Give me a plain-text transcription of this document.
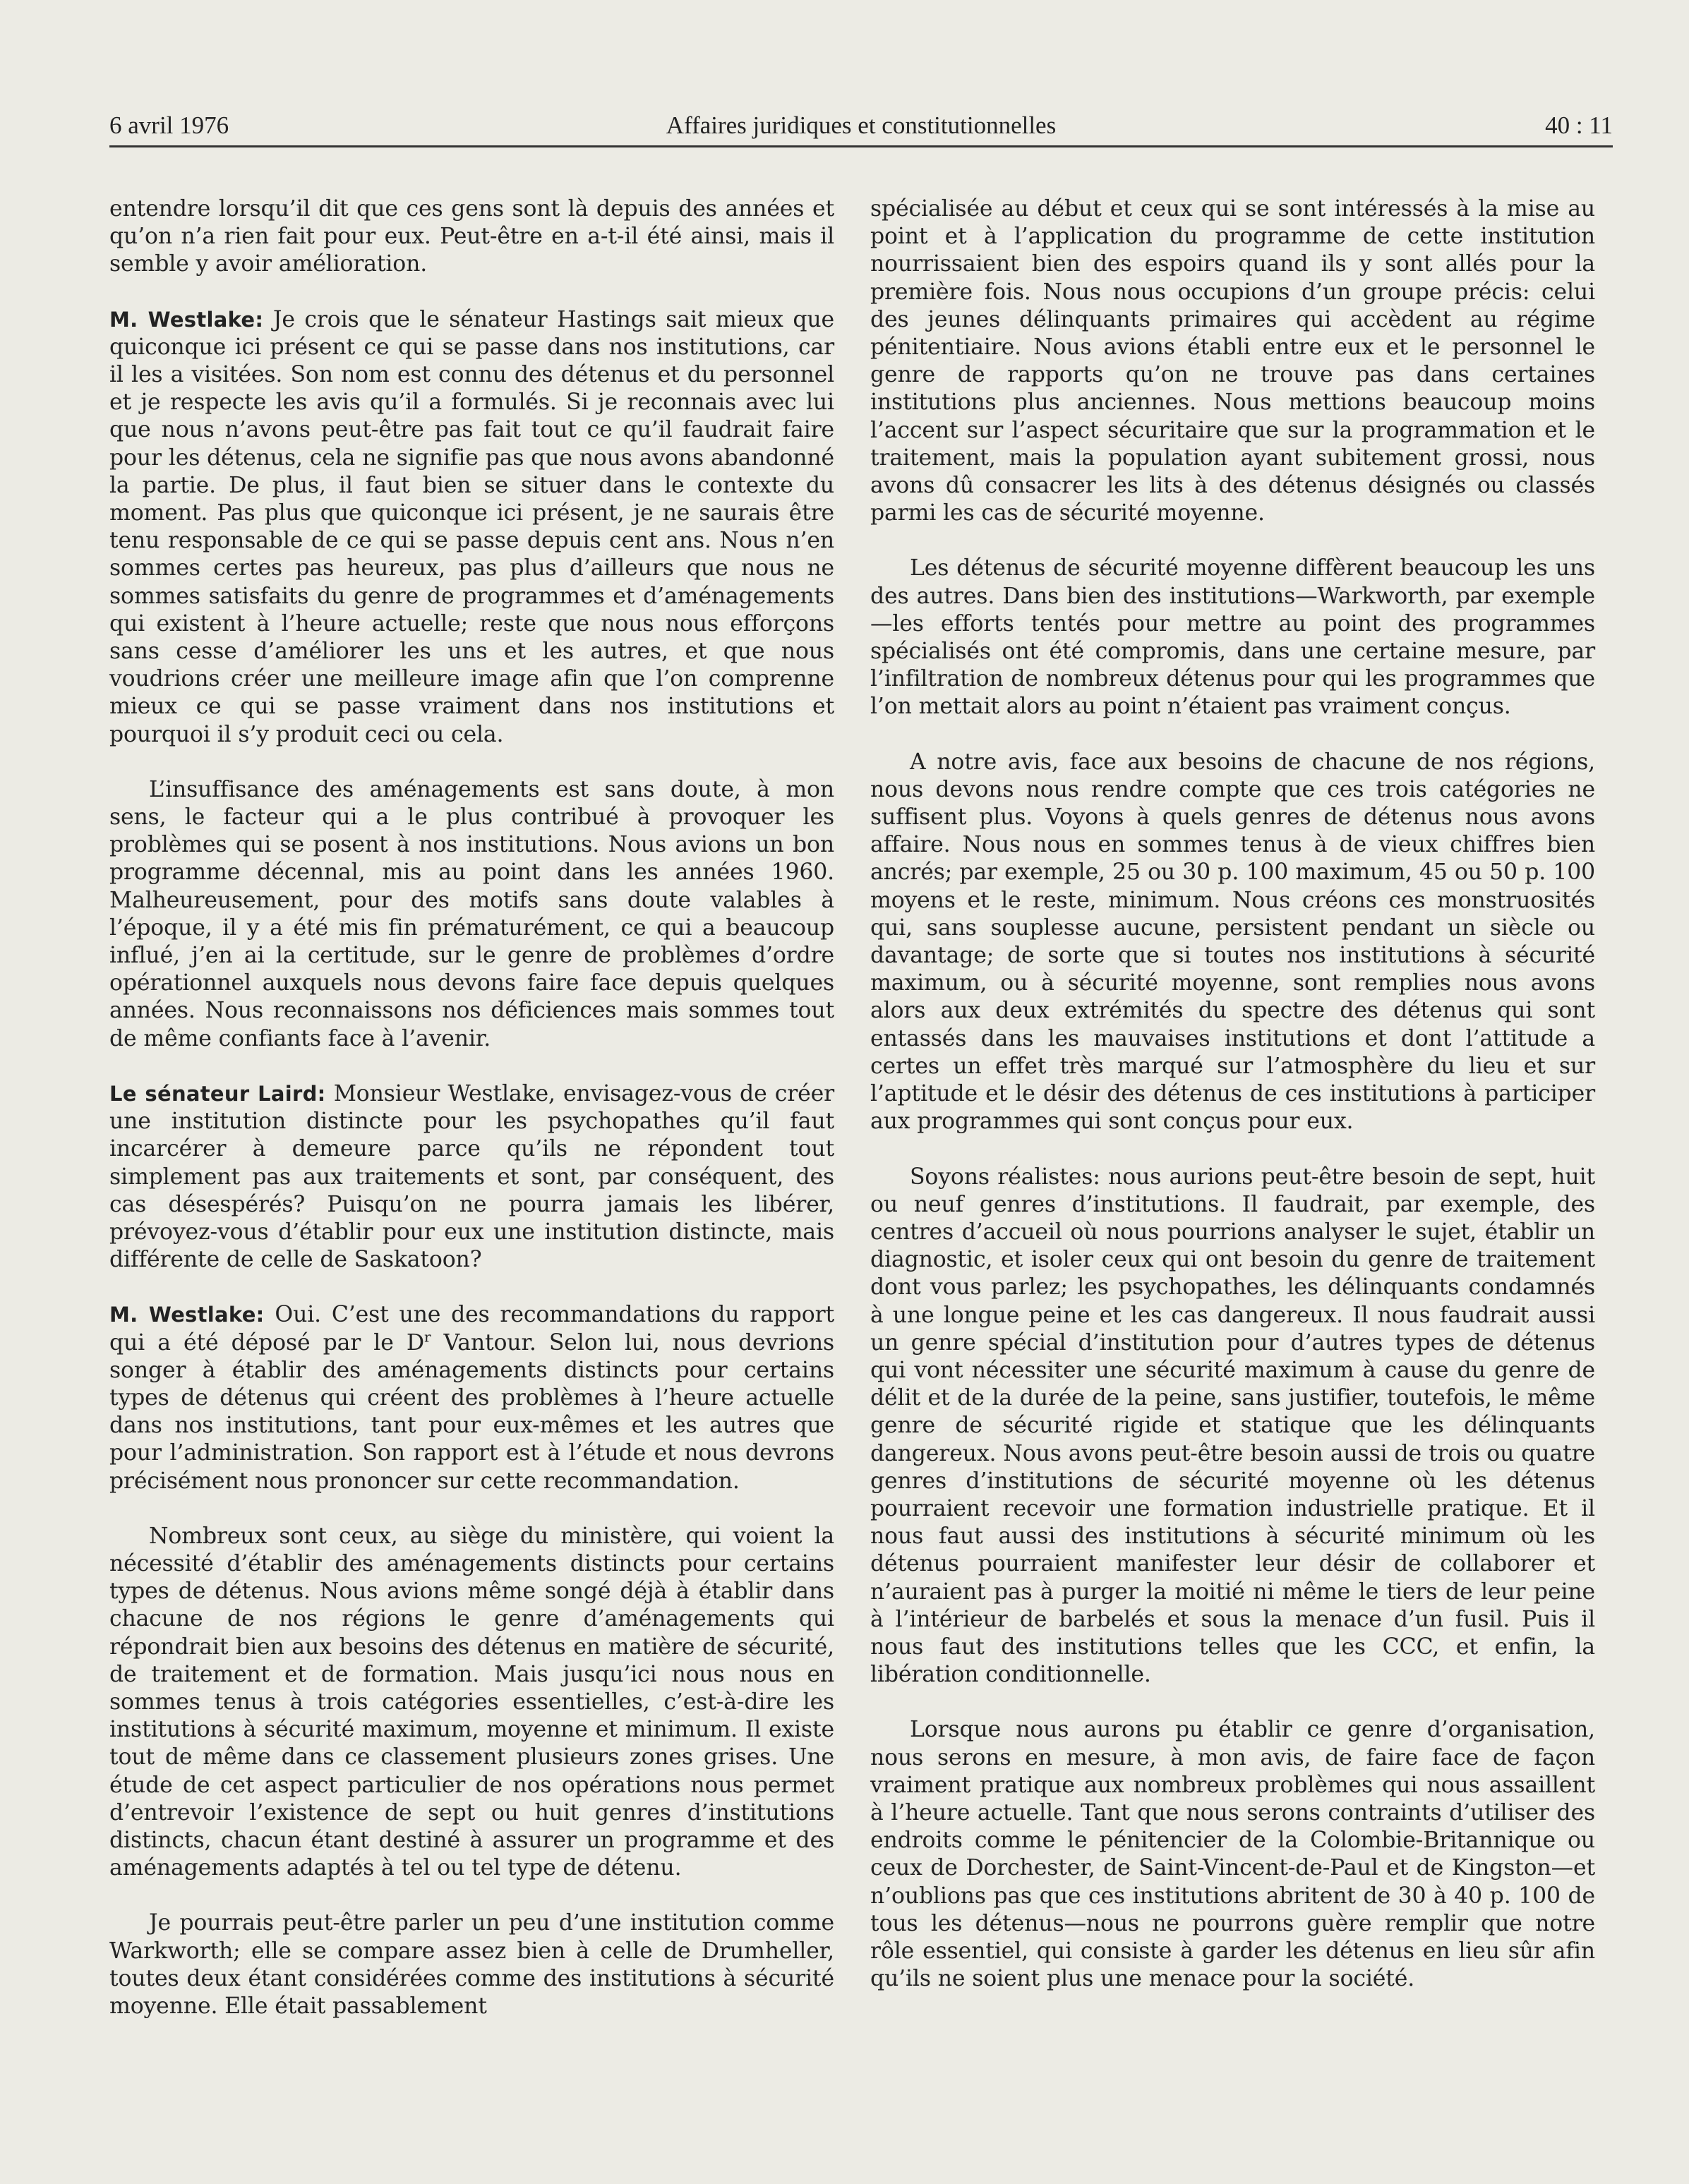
6 avril 1976	Affaires juridiques et constitutionnelles	40 : 11

entendre lorsqu’il dit que ces gens sont là depuis des années et qu’on n’a rien fait pour eux. Peut-être en a-t-il été ainsi, mais il semble y avoir amélioration.

M. Westlake: Je crois que le sénateur Hastings sait mieux que quiconque ici présent ce qui se passe dans nos institutions, car il les a visitées. Son nom est connu des détenus et du personnel et je respecte les avis qu’il a formulés. Si je reconnais avec lui que nous n’avons peut-être pas fait tout ce qu’il faudrait faire pour les détenus, cela ne signifie pas que nous avons abandonné la partie. De plus, il faut bien se situer dans le contexte du moment. Pas plus que quiconque ici présent, je ne saurais être tenu responsable de ce qui se passe depuis cent ans. Nous n’en sommes certes pas heureux, pas plus d’ailleurs que nous ne sommes satisfaits du genre de programmes et d’aménagements qui existent à l’heure actuelle; reste que nous nous efforçons sans cesse d’améliorer les uns et les autres, et que nous voudrions créer une meilleure image afin que l’on comprenne mieux ce qui se passe vraiment dans nos institutions et pourquoi il s’y produit ceci ou cela.

L’insuffisance des aménagements est sans doute, à mon sens, le facteur qui a le plus contribué à provoquer les problèmes qui se posent à nos institutions. Nous avions un bon programme décennal, mis au point dans les années 1960. Malheureusement, pour des motifs sans doute valables à l’époque, il y a été mis fin prématurément, ce qui a beaucoup influé, j’en ai la certitude, sur le genre de problèmes d’ordre opérationnel auxquels nous devons faire face depuis quelques années. Nous reconnaissons nos déficiences mais sommes tout de même confiants face à l’avenir.

Le sénateur Laird: Monsieur Westlake, envisagez-vous de créer une institution distincte pour les psychopathes qu’il faut incarcérer à demeure parce qu’ils ne répondent tout simplement pas aux traitements et sont, par conséquent, des cas désespérés? Puisqu’on ne pourra jamais les libérer, prévoyez-vous d’établir pour eux une institution distincte, mais différente de celle de Saskatoon?

M. Westlake: Oui. C’est une des recommandations du rapport qui a été déposé par le $D^r$ Vantour. Selon lui, nous devrions songer à établir des aménagements distincts pour certains types de détenus qui créent des problèmes à l’heure actuelle dans nos institutions, tant pour eux-mêmes et les autres que pour l’administration. Son rapport est à l’étude et nous devrons précisément nous prononcer sur cette recommandation.

Nombreux sont ceux, au siège du ministère, qui voient la nécessité d’établir des aménagements distincts pour certains types de détenus. Nous avions même songé déjà à établir dans chacune de nos régions le genre d’aménagements qui répondrait bien aux besoins des détenus en matière de sécurité, de traitement et de formation. Mais jusqu’ici nous nous en sommes tenus à trois catégories essentielles, c’est-à-dire les institutions à sécurité maximum, moyenne et minimum. Il existe tout de même dans ce classement plusieurs zones grises. Une étude de cet aspect particulier de nos opérations nous permet d’entrevoir l’existence de sept ou huit genres d’institutions distincts, chacun étant destiné à assurer un programme et des aménagements adaptés à tel ou tel type de détenu.

Je pourrais peut-être parler un peu d’une institution comme Warkworth; elle se compare assez bien à celle de Drumheller, toutes deux étant considérées comme des institutions à sécurité moyenne. Elle était passablement

spécialisée au début et ceux qui se sont intéressés à la mise au point et à l’application du programme de cette institution nourrissaient bien des espoirs quand ils y sont allés pour la première fois. Nous nous occupions d’un groupe précis: celui des jeunes délinquants primaires qui accèdent au régime pénitentiaire. Nous avions établi entre eux et le personnel le genre de rapports qu’on ne trouve pas dans certaines institutions plus anciennes. Nous mettions beaucoup moins l’accent sur l’aspect sécuritaire que sur la programmation et le traitement, mais la population ayant subitement grossi, nous avons dû consacrer les lits à des détenus désignés ou classés parmi les cas de sécurité moyenne.

Les détenus de sécurité moyenne diffèrent beaucoup les uns des autres. Dans bien des institutions—Warkworth, par exemple—les efforts tentés pour mettre au point des programmes spécialisés ont été compromis, dans une certaine mesure, par l’infiltration de nombreux détenus pour qui les programmes que l’on mettait alors au point n’étaient pas vraiment conçus.

A notre avis, face aux besoins de chacune de nos régions, nous devons nous rendre compte que ces trois catégories ne suffisent plus. Voyons à quels genres de détenus nous avons affaire. Nous nous en sommes tenus à de vieux chiffres bien ancrés; par exemple, 25 ou 30 p. 100 maximum, 45 ou 50 p. 100 moyens et le reste, minimum. Nous créons ces monstruosités qui, sans souplesse aucune, persistent pendant un siècle ou davantage; de sorte que si toutes nos institutions à sécurité maximum, ou à sécurité moyenne, sont remplies nous avons alors aux deux extrémités du spectre des détenus qui sont entassés dans les mauvaises institutions et dont l’attitude a certes un effet très marqué sur l’atmosphère du lieu et sur l’aptitude et le désir des détenus de ces institutions à participer aux programmes qui sont conçus pour eux.

Soyons réalistes: nous aurions peut-être besoin de sept, huit ou neuf genres d’institutions. Il faudrait, par exemple, des centres d’accueil où nous pourrions analyser le sujet, établir un diagnostic, et isoler ceux qui ont besoin du genre de traitement dont vous parlez; les psychopathes, les délinquants condamnés à une longue peine et les cas dangereux. Il nous faudrait aussi un genre spécial d’institution pour d’autres types de détenus qui vont nécessiter une sécurité maximum à cause du genre de délit et de la durée de la peine, sans justifier, toutefois, le même genre de sécurité rigide et statique que les délinquants dangereux. Nous avons peut-être besoin aussi de trois ou quatre genres d’institutions de sécurité moyenne où les détenus pourraient recevoir une formation industrielle pratique. Et il nous faut aussi des institutions à sécurité minimum où les détenus pourraient manifester leur désir de collaborer et n’auraient pas à purger la moitié ni même le tiers de leur peine à l’intérieur de barbelés et sous la menace d’un fusil. Puis il nous faut des institutions telles que les CCC, et enfin, la libération conditionnelle.

Lorsque nous aurons pu établir ce genre d’organisation, nous serons en mesure, à mon avis, de faire face de façon vraiment pratique aux nombreux problèmes qui nous assaillent à l’heure actuelle. Tant que nous serons contraints d’utiliser des endroits comme le pénitencier de la Colombie-Britannique ou ceux de Dorchester, de Saint-Vincent-de-Paul et de Kingston—et n’oublions pas que ces institutions abritent de 30 à 40 p. 100 de tous les détenus—nous ne pourrons guère remplir que notre rôle essentiel, qui consiste à garder les détenus en lieu sûr afin qu’ils ne soient plus une menace pour la société.
